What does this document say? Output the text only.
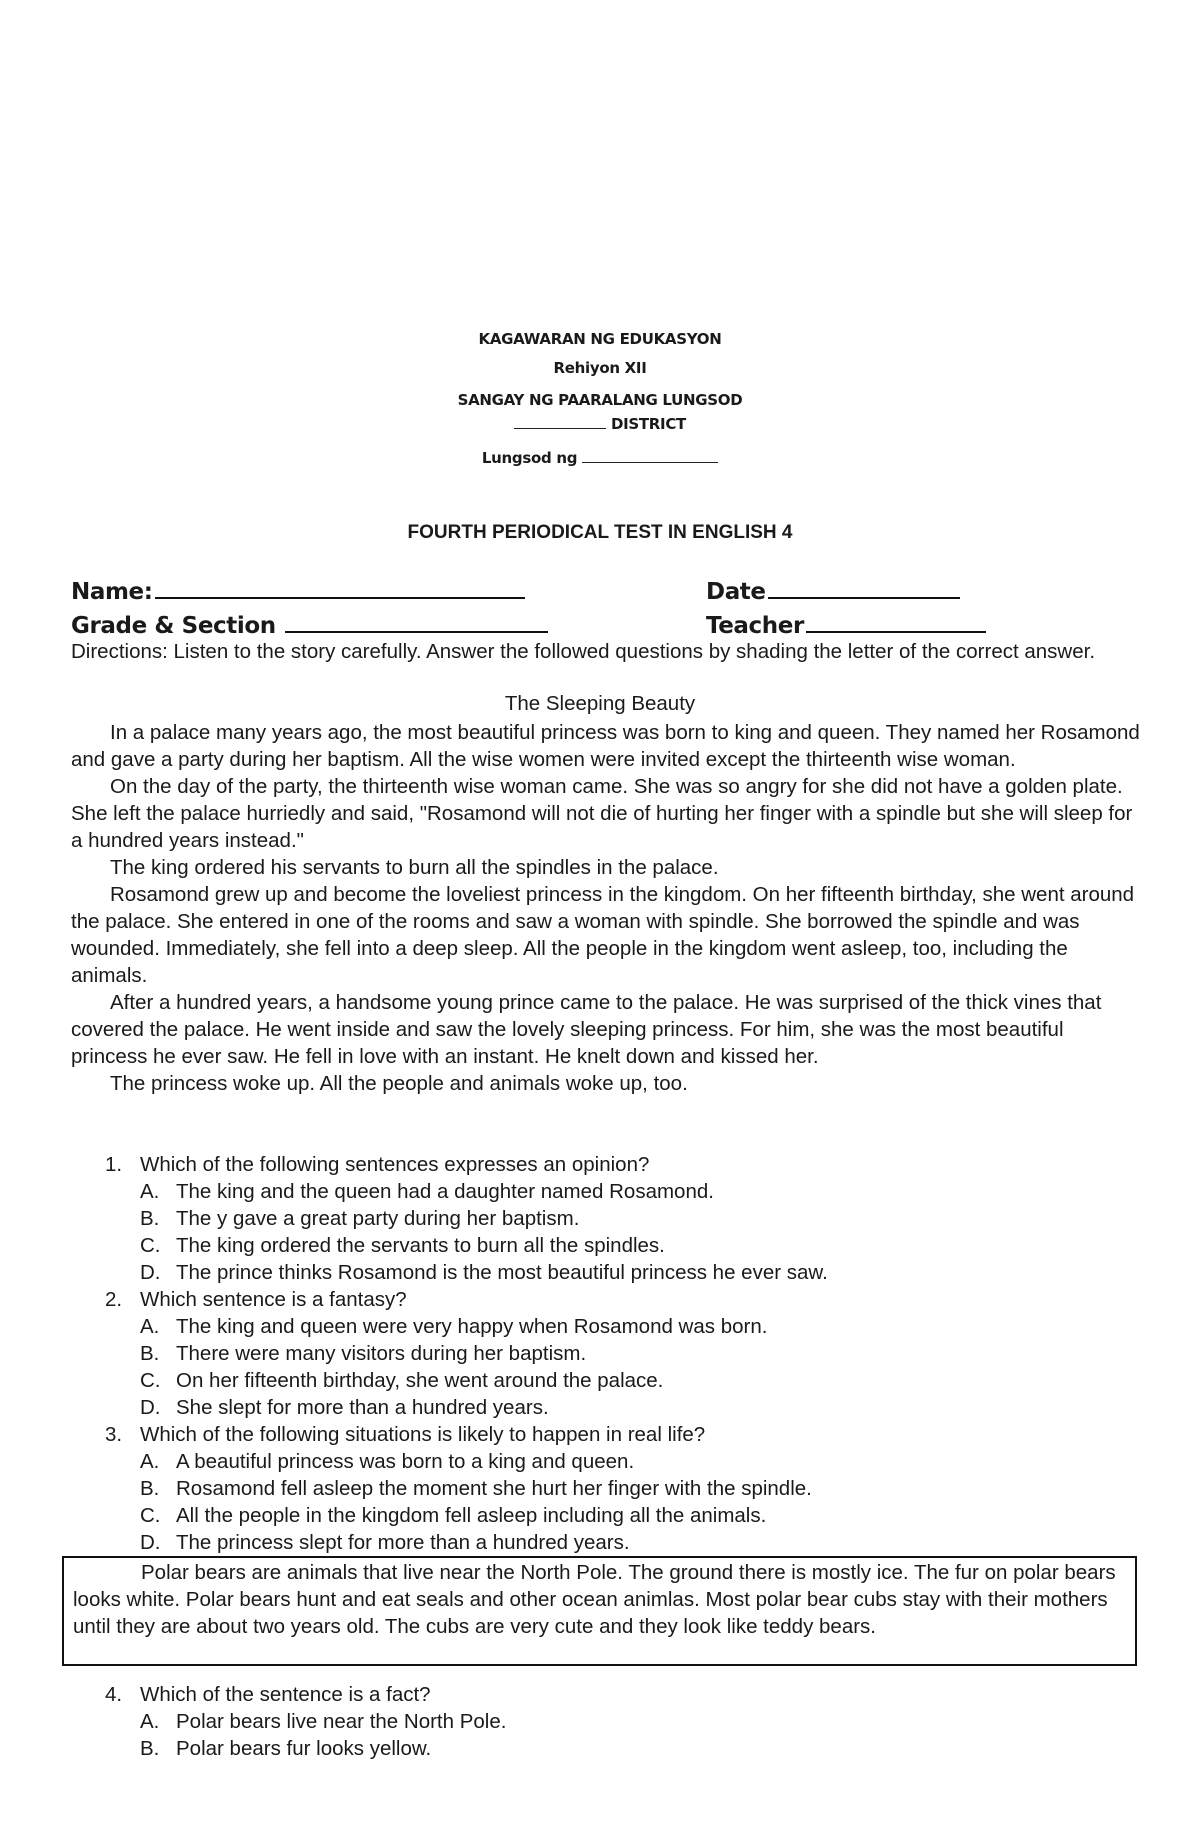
KAGAWARAN NG EDUKASYON
Rehiyon XII
SANGAY NG PAARALANG LUNGSOD
DISTRICT
Lungsod ng
FOURTH PERIODICAL TEST IN ENGLISH 4
Name:	Date
Grade & Section	Teacher
Directions: Listen to the story carefully. Answer the followed questions by shading the letter of the correct answer.
The Sleeping Beauty

In a palace many years ago, the most beautiful princess was born to king and queen. They named her Rosamond and gave a party during her baptism. All the wise women were invited except the thirteenth wise woman.

On the day of the party, the thirteenth wise woman came. She was so angry for she did not have a golden plate. She left the palace hurriedly and said, "Rosamond will not die of hurting her finger with a spindle but she will sleep for a hundred years instead."

The king ordered his servants to burn all the spindles in the palace.

Rosamond grew up and become the loveliest princess in the kingdom. On her fifteenth birthday, she went around the palace. She entered in one of the rooms and saw a woman with spindle. She borrowed the spindle and was wounded. Immediately, she fell into a deep sleep. All the people in the kingdom went asleep, too, including the animals.

After a hundred years, a handsome young prince came to the palace. He was surprised of the thick vines that covered the palace. He went inside and saw the lovely sleeping princess. For him, she was the most beautiful princess he ever saw. He fell in love with an instant. He knelt down and kissed her.

The princess woke up. All the people and animals woke up, too.

1. Which of the following sentences expresses an opinion?
A. The king and the queen had a daughter named Rosamond.
B. The y gave a great party during her baptism.
C. The king ordered the servants to burn all the spindles.
D. The prince thinks Rosamond is the most beautiful princess he ever saw.
2. Which sentence is a fantasy?
A. The king and queen were very happy when Rosamond was born.
B. There were many visitors during her baptism.
C. On her fifteenth birthday, she went around the palace.
D. She slept for more than a hundred years.
3. Which of the following situations is likely to happen in real life?
A. A beautiful princess was born to a king and queen.
B. Rosamond fell asleep the moment she hurt her finger with the spindle.
C. All the people in the kingdom fell asleep including all the animals.
D. The princess slept for more than a hundred years.

Polar bears are animals that live near the North Pole. The ground there is mostly ice. The fur on polar bears looks white. Polar bears hunt and eat seals and other ocean animlas. Most polar bear cubs stay with their mothers until they are about two years old. The cubs are very cute and they look like teddy bears.

4. Which of the sentence is a fact?
A. Polar bears live near the North Pole.
B. Polar bears fur looks yellow.
